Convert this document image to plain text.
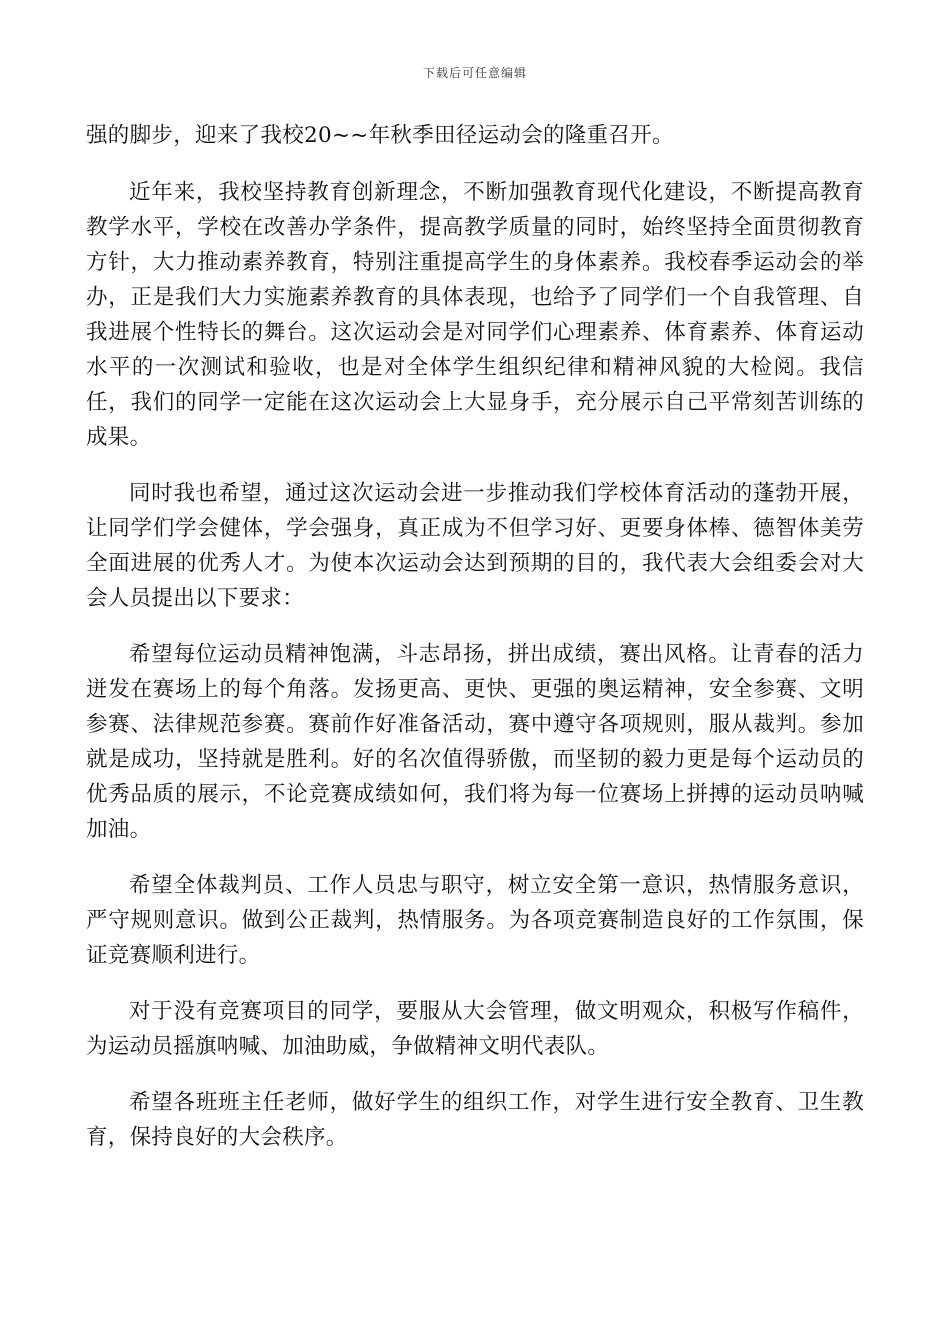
下载后可任意编辑

强的脚步，迎来了我校20~~年秋季田径运动会的隆重召开。

近年来，我校坚持教育创新理念，不断加强教育现代化建设，不断提高教育教学水平，学校在改善办学条件，提高教学质量的同时，始终坚持全面贯彻教育方针，大力推动素养教育，特别注重提高学生的身体素养。我校春季运动会的举办，正是我们大力实施素养教育的具体表现，也给予了同学们一个自我管理、自我进展个性特长的舞台。这次运动会是对同学们心理素养、体育素养、体育运动水平的一次测试和验收，也是对全体学生组织纪律和精神风貌的大检阅。我信任，我们的同学一定能在这次运动会上大显身手，充分展示自己平常刻苦训练的成果。

同时我也希望，通过这次运动会进一步推动我们学校体育活动的蓬勃开展，让同学们学会健体，学会强身，真正成为不但学习好、更要身体棒、德智体美劳全面进展的优秀人才。为使本次运动会达到预期的目的，我代表大会组委会对大会人员提出以下要求：

希望每位运动员精神饱满，斗志昂扬，拼出成绩，赛出风格。让青春的活力迸发在赛场上的每个角落。发扬更高、更快、更强的奥运精神，安全参赛、文明参赛、法律规范参赛。赛前作好准备活动，赛中遵守各项规则，服从裁判。参加就是成功，坚持就是胜利。好的名次值得骄傲，而坚韧的毅力更是每个运动员的优秀品质的展示，不论竞赛成绩如何，我们将为每一位赛场上拼搏的运动员呐喊加油。

希望全体裁判员、工作人员忠与职守，树立安全第一意识，热情服务意识，严守规则意识。做到公正裁判，热情服务。为各项竞赛制造良好的工作氛围，保证竞赛顺利进行。

对于没有竞赛项目的同学，要服从大会管理，做文明观众，积极写作稿件，为运动员摇旗呐喊、加油助威，争做精神文明代表队。

希望各班班主任老师，做好学生的组织工作，对学生进行安全教育、卫生教育，保持良好的大会秩序。
